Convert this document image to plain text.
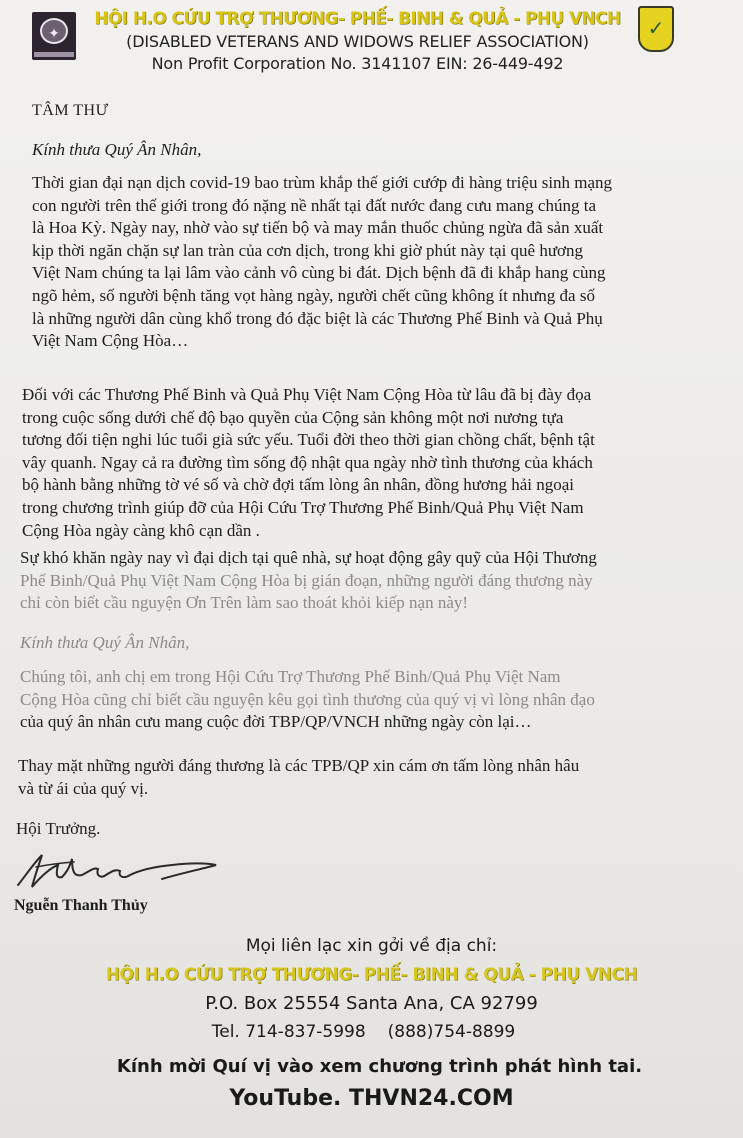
✦	✓
HỘI H.O CỨU TRỢ THƯƠNG- PHẾ- BINH & QUẢ - PHỤ VNCH
(DISABLED VETERANS AND WIDOWS RELIEF ASSOCIATION)
Non Profit Corporation No. 3141107 EIN: 26-449-492
TÂM THƯ
Kính thưa Quý Ân Nhân,
Thời gian đại nạn dịch covid-19 bao trùm khắp thế giới cướp đi hàng triệu sinh mạng
con người trên thế giới trong đó nặng nề nhất tại đất nước đang cưu mang chúng ta
là Hoa Kỳ. Ngày nay, nhờ vào sự tiến bộ và may mắn thuốc chủng ngừa đã sản xuất
kịp thời ngăn chặn sự lan tràn của cơn dịch, trong khi giờ phút này tại quê hương
Việt Nam chúng ta lại lâm vào cảnh vô cùng bi đát. Dịch bệnh đã đi khắp hang cùng
ngõ hẻm, số người bệnh tăng vọt hàng ngày, người chết cũng không ít nhưng đa số
là những người dân cùng khổ trong đó đặc biệt là các Thương Phế Binh và Quả Phụ
Việt Nam Cộng Hòa…
Đối với các Thương Phế Binh và Quả Phụ Việt Nam Cộng Hòa từ lâu đã bị đày đọa
trong cuộc sống dưới chế độ bạo quyền của Cộng sản không một nơi nương tựa
tương đối tiện nghi lúc tuổi già sức yếu. Tuổi đời theo thời gian chồng chất, bệnh tật
vây quanh. Ngay cả ra đường tìm sống độ nhật qua ngày nhờ tình thương của khách
bộ hành bằng những tờ vé số và chờ đợi tấm lòng ân nhân, đồng hương hải ngoại
trong chương trình giúp đỡ của Hội Cứu Trợ Thương Phế Binh/Quả Phụ Việt Nam
Cộng Hòa ngày càng khô cạn dần .
Sự khó khăn ngày nay vì đại dịch tại quê nhà, sự hoạt động gây quỹ của Hội Thương
Phế Binh/Quả Phụ Việt Nam Cộng Hòa bị gián đoạn, những người đáng thương này
chỉ còn biết cầu nguyện Ơn Trên làm sao thoát khỏi kiếp nạn này!
Kính thưa Quý Ân Nhân,
Chúng tôi, anh chị em trong Hội Cứu Trợ Thương Phế Binh/Quả Phụ Việt Nam
Cộng Hòa cũng chỉ biết cầu nguyện kêu gọi tình thương của quý vị vì lòng nhân đạo
của quý ân nhân cưu mang cuộc đời TBP/QP/VNCH những ngày còn lại…
Thay mặt những người đáng thương là các TPB/QP xin cám ơn tấm lòng nhân hâu
và từ ái của quý vị.
Hội Trưởng.
Nguễn Thanh Thủy
Mọi liên lạc xin gởi về địa chỉ:
HỘI H.O CỨU TRỢ THƯƠNG- PHẾ- BINH & QUẢ - PHỤ VNCH
P.O. Box 25554 Santa Ana, CA 92799
Tel. 714-837-5998 (888)754-8899
Kính mời Quí vị vào xem chương trình phát hình tai.
YouTube. THVN24.COM
